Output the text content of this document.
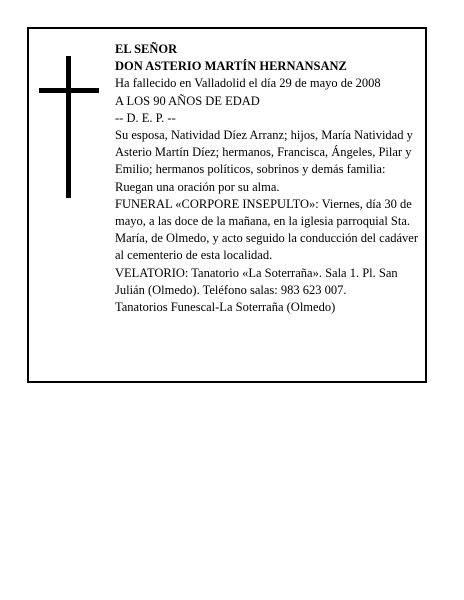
EL SEÑOR

DON ASTERIO MARTÍN HERNANSANZ

Ha fallecido en Valladolid el día 29 de mayo de 2008

A LOS 90 AÑOS DE EDAD

-- D. E. P. --

Su esposa, Natividad Díez Arranz; hijos, María Natividad y Asterio Martín Díez; hermanos, Francisca, Ángeles, Pilar y Emilio; hermanos políticos, sobrinos y demás familia:

Ruegan una oración por su alma.

FUNERAL «CORPORE INSEPULTO»: Viernes, día 30 de mayo, a las doce de la mañana, en la iglesia parroquial Sta. María, de Olmedo, y acto seguido la conducción del cadáver al cementerio de esta localidad.

VELATORIO: Tanatorio «La Soterraña». Sala 1. Pl. San Julián (Olmedo). Teléfono salas: 983 623 007.

Tanatorios Funescal-La Soterraña (Olmedo)
